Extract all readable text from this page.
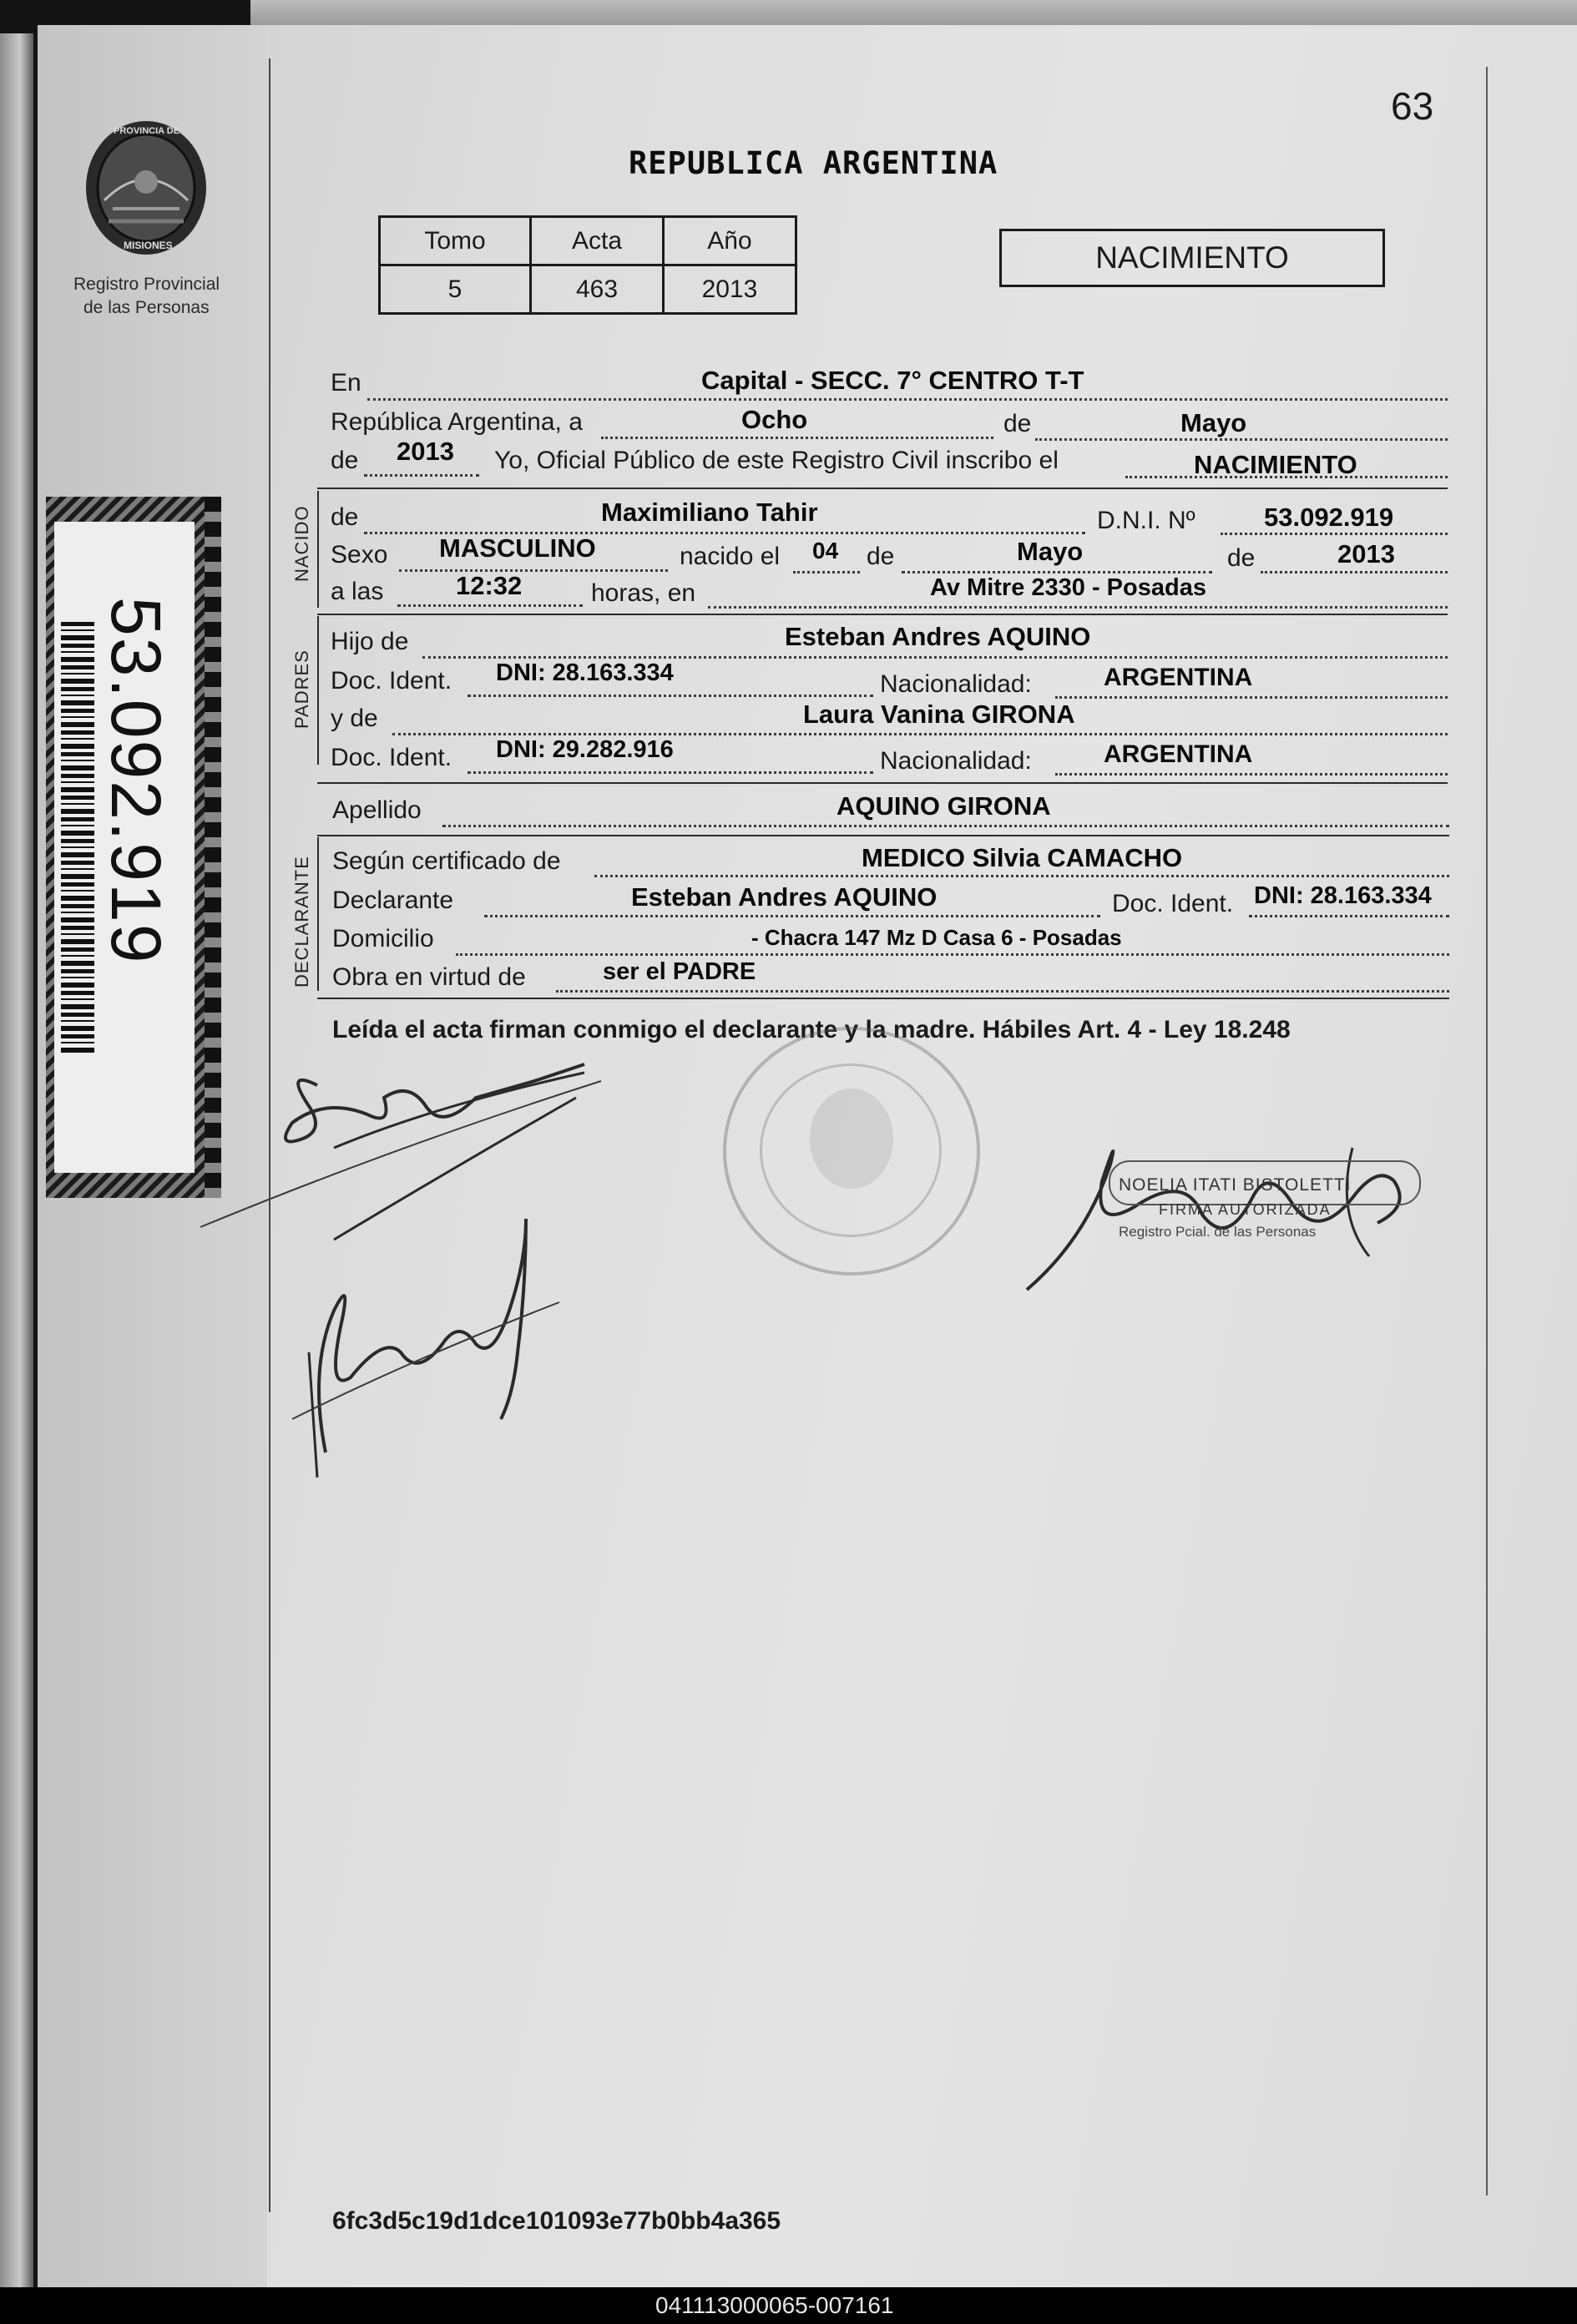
63
PROVINCIA DE
MISIONES
Registro Provincial
de las Personas
53.092.919
REPUBLICA ARGENTINA
Tomo	Acta	Año
5	463	2013
NACIMIENTO
En	Capital - SECC. 7° CENTRO T-T
República Argentina, a	Ocho	de	Mayo
de 2013 Yo, Oficial Público de este Registro Civil inscribo el	NACIMIENTO
NACIDO de	Maximiliano Tahir	D.N.I. Nº	53.092.919
Sexo MASCULINO	nacido el 04 de	Mayo	de	2013
a las	12:32	horas, en	Av Mitre 2330 - Posadas
PADRES
Hijo de	Esteban Andres AQUINO
Doc. Ident. DNI: 28.163.334	Nacionalidad:	ARGENTINA
y de	Laura Vanina GIRONA
Doc. Ident. DNI: 29.282.916	Nacionalidad:	ARGENTINA
Apellido	AQUINO GIRONA
DECLARANTE Según certificado de	MEDICO Silvia CAMACHO
Declarante	Esteban Andres AQUINO	Doc. Ident. DNI: 28.163.334
Domicilio	- Chacra 147 Mz D Casa 6 - Posadas
Obra en virtud de	ser el PADRE
Leída el acta firman conmigo el declarante y la madre. Hábiles Art. 4 - Ley 18.248
NOELIA ITATI BISTOLETTI
FIRMA AUTORIZADA
Registro Pcial. de las Personas
6fc3d5c19d1dce101093e77b0bb4a365
041113000065-007161
